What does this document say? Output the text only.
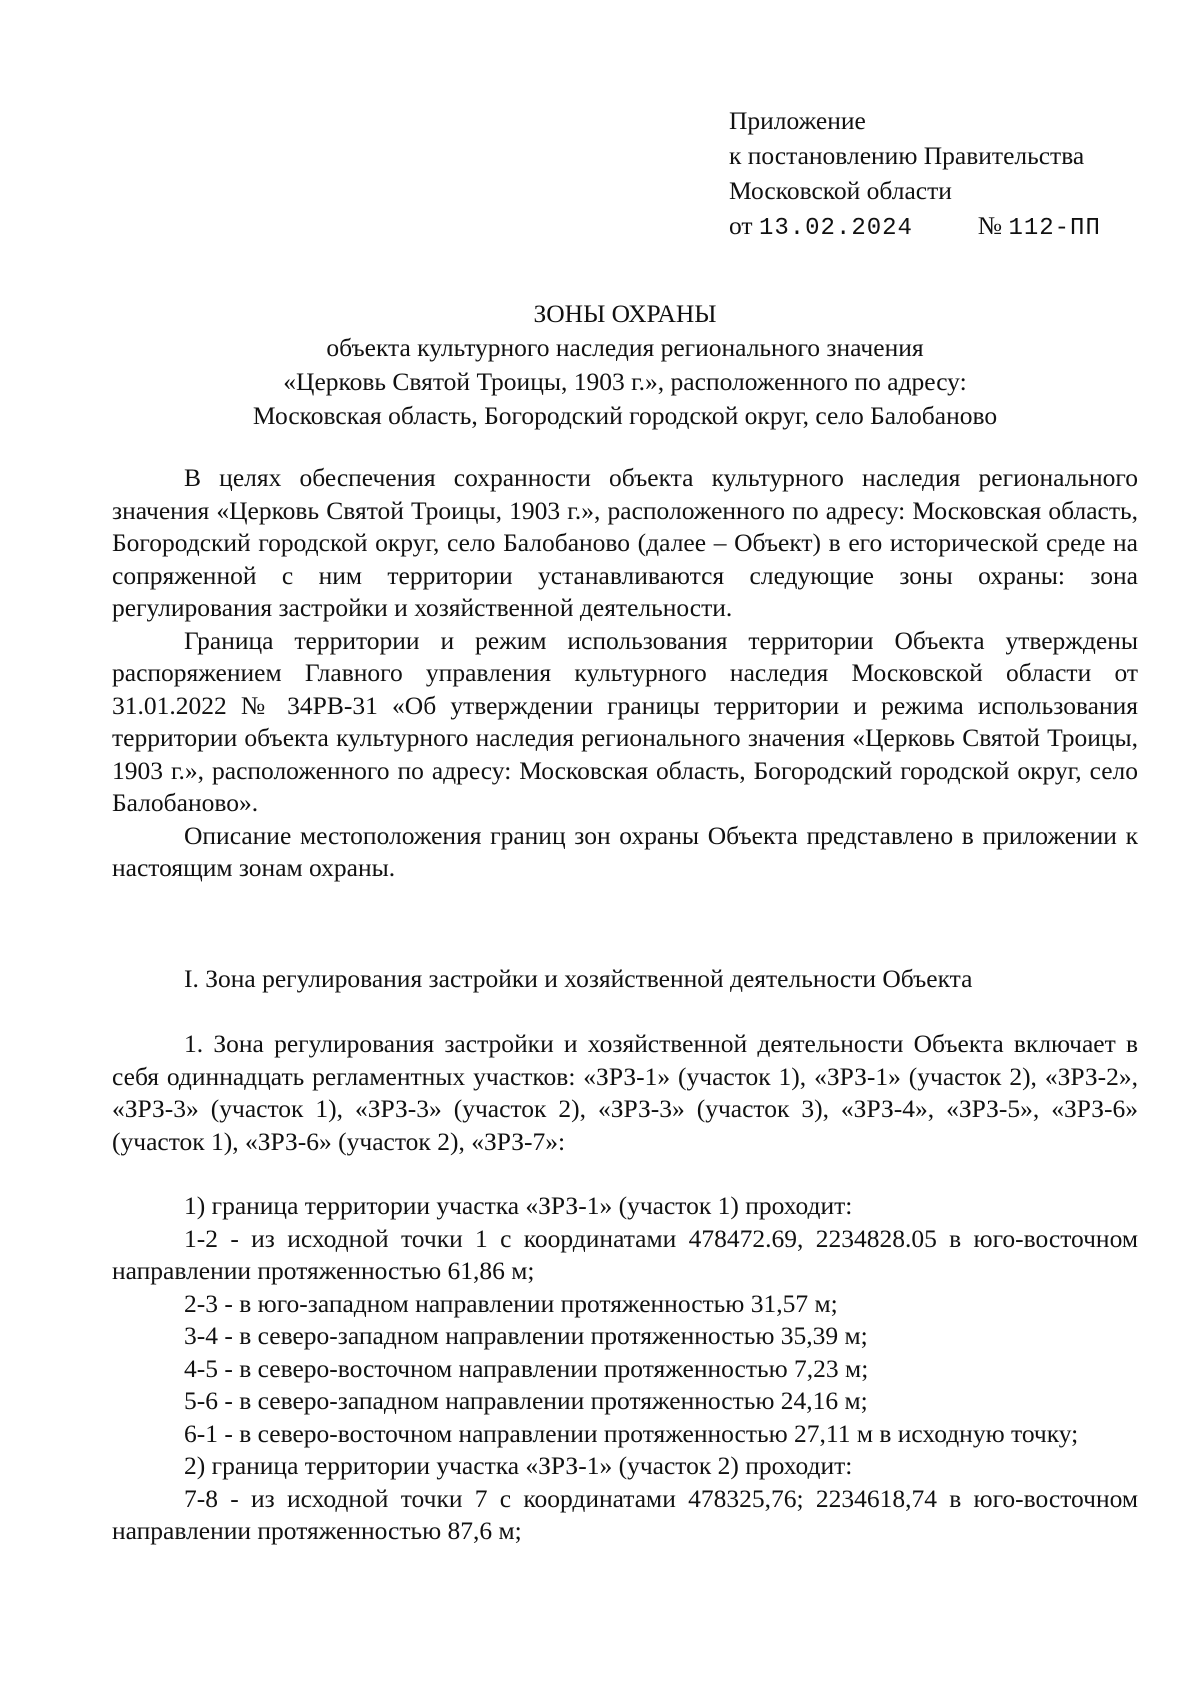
Приложение
к постановлению Правительства
Московской области
от 13.02.2024	№ 112-ПП
ЗОНЫ ОХРАНЫ
объекта культурного наследия регионального значения
«Церковь Святой Троицы, 1903 г.», расположенного по адресу:
Московская область, Богородский городской округ, село Балобаново
В целях обеспечения сохранности объекта культурного наследия регионального значения «Церковь Святой Троицы, 1903 г.», расположенного по адресу: Московская область, Богородский городской округ, село Балобаново (далее – Объект) в его исторической среде на сопряженной с ним территории устанавливаются следующие зоны охраны: зона регулирования застройки и хозяйственной деятельности.
Граница территории и режим использования территории Объекта утверждены распоряжением Главного управления культурного наследия Московской области от 31.01.2022 № 34РВ-31 «Об утверждении границы территории и режима использования территории объекта культурного наследия регионального значения «Церковь Святой Троицы, 1903 г.», расположенного по адресу: Московская область, Богородский городской округ, село Балобаново».
Описание местоположения границ зон охраны Объекта представлено в приложении к настоящим зонам охраны.
I. Зона регулирования застройки и хозяйственной деятельности Объекта
1. Зона регулирования застройки и хозяйственной деятельности Объекта включает в себя одиннадцать регламентных участков: «ЗРЗ-1» (участок 1), «ЗРЗ-1» (участок 2), «ЗРЗ-2», «ЗРЗ-3» (участок 1), «ЗРЗ-3» (участок 2), «ЗРЗ-3» (участок 3), «ЗРЗ-4», «ЗРЗ-5», «ЗРЗ-6» (участок 1), «ЗРЗ-6» (участок 2), «ЗРЗ-7»:
1) граница территории участка «ЗРЗ-1» (участок 1) проходит:
1-2 - из исходной точки 1 с координатами 478472.69, 2234828.05 в юго-восточном направлении протяженностью 61,86 м;
2-3 - в юго-западном направлении протяженностью 31,57 м;
3-4 - в северо-западном направлении протяженностью 35,39 м;
4-5 - в северо-восточном направлении протяженностью 7,23 м;
5-6 - в северо-западном направлении протяженностью 24,16 м;
6-1 - в северо-восточном направлении протяженностью 27,11 м в исходную точку;
2) граница территории участка «ЗРЗ-1» (участок 2) проходит:
7-8 - из исходной точки 7 с координатами 478325,76; 2234618,74 в юго-восточном направлении протяженностью 87,6 м;
